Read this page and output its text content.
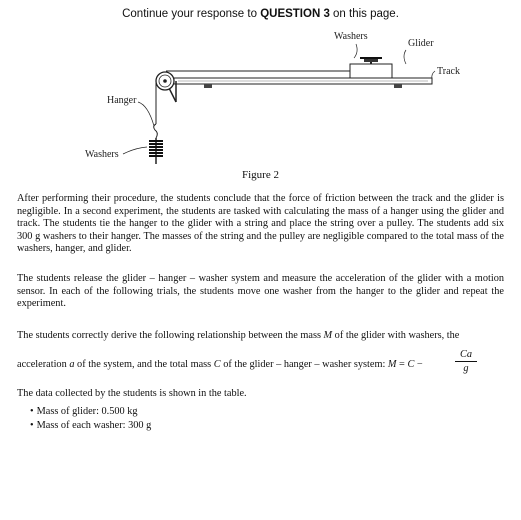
Continue your response to QUESTION 3 on this page.
Washers
Glider
Track
Hanger
Washers
Figure 2

After performing their procedure, the students conclude that the force of friction between the track and the glider is negligible. In a second experiment, the students are tasked with calculating the mass of a hanger using the glider and track. The students tie the hanger to the glider with a string and place the string over a pulley. The students add six 300 g washers to their hanger. The masses of the string and the pulley are negligible compared to the total mass of the washers, hanger, and glider.

The students release the glider – hanger – washer system and measure the acceleration of the glider with a motion sensor. In each of the following trials, the students move one washer from the hanger to the glider and repeat the experiment.

The students correctly derive the following relationship between the mass M of the glider with washers, the
acceleration a of the system, and the total mass C of the glider – hanger – washer system: M = C −	$\frac{Ca}{g}$
The data collected by the students is shown in the table.
• Mass of glider: 0.500 kg
• Mass of each washer: 300 g
